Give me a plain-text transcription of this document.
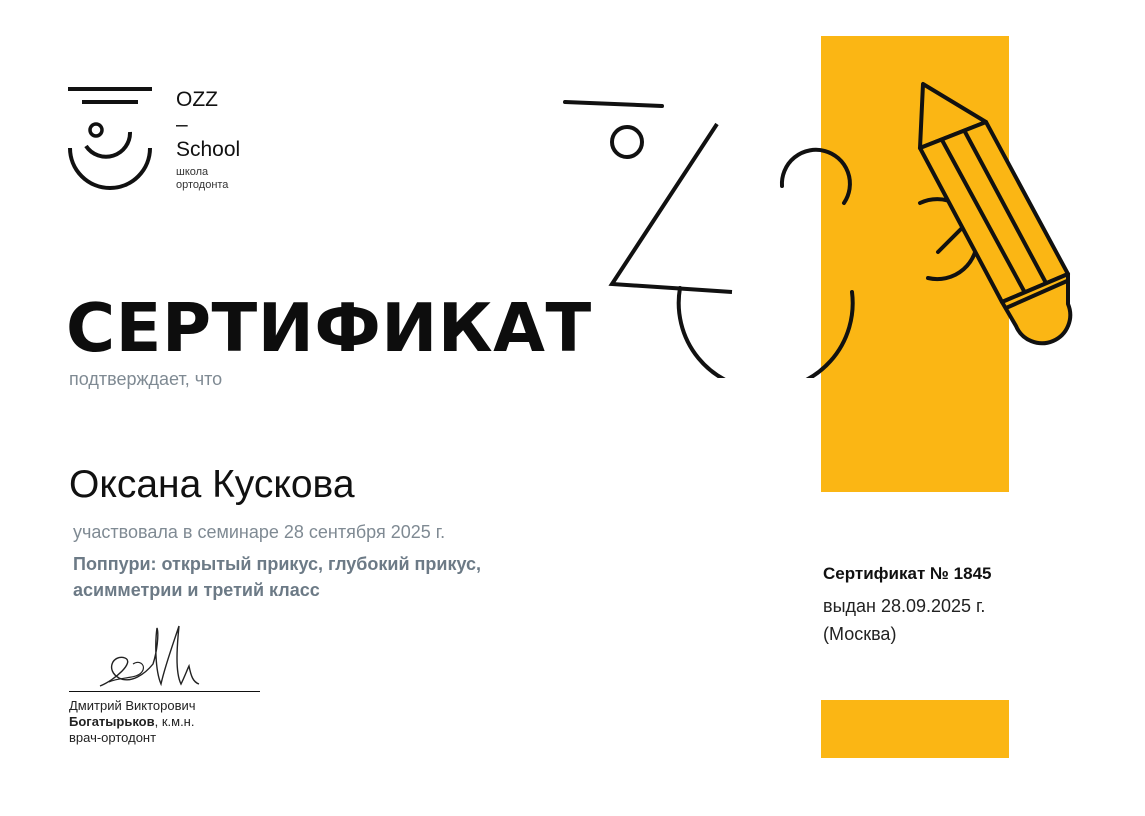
OZZ
–
School
школа
ортодонта
СЕРТИФИКАТ
подтверждает, что
Оксана Кускова
участвовала в семинаре 28 сентября 2025 г.
Поппури: открытый прикус, глубокий прикус,
асимметрии и третий класс
Дмитрий Викторович
Богатырьков, к.м.н.
врач-ортодонт
Сертификат № 1845
выдан 28.09.2025 г.
(Москва)
